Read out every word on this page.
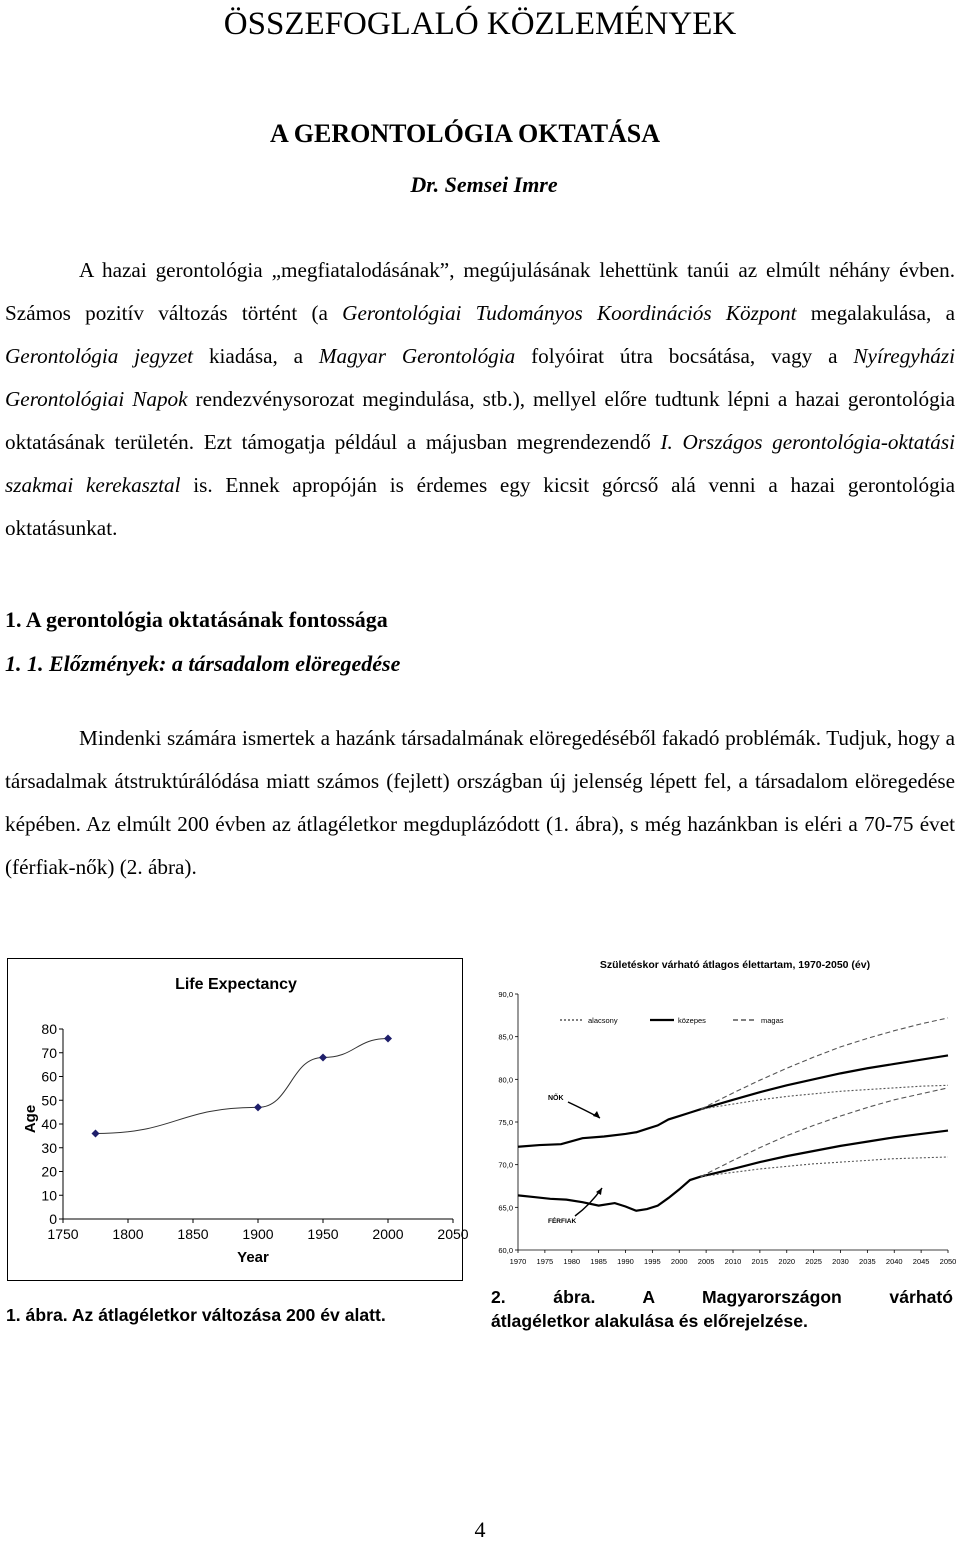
ÖSSZEFOGLALÓ KÖZLEMÉNYEK
A GERONTOLÓGIA OKTATÁSA
Dr. Semsei Imre

A hazai gerontológia „megfiatalodásának”, megújulásának lehettünk tanúi az elmúlt néhány évben. Számos pozitív változás történt (a Gerontológiai Tudományos Koordinációs Központ megalakulása, a Gerontológia jegyzet kiadása, a Magyar Gerontológia folyóirat útra bocsátása, vagy a Nyíregyházi Gerontológiai Napok rendezvénysorozat megindulása, stb.), mellyel előre tudtunk lépni a hazai gerontológia oktatásának területén. Ezt támogatja például a májusban megrendezendő I. Országos gerontológia-oktatási szakmai kerekasztal is. Ennek apropóján is érdemes egy kicsit górcső alá venni a hazai gerontológia oktatásunkat.

1. A gerontológia oktatásának fontossága
1. 1. Előzmények: a társadalom elöregedése

Mindenki számára ismertek a hazánk társadalmának elöregedéséből fakadó problémák. Tudjuk, hogy a társadalmak átstruktúrálódása miatt számos (fejlett) országban új jelenség lépett fel, a társadalom elöregedése képében. Az elmúlt 200 évben az átlagéletkor megduplázódott (1. ábra), s még hazánkban is eléri a 70-75 évet (férfiak-nők) (2. ábra).

Life Expectancy
0
10
20
30
40
50
60
70
80
1750 1800 1850 1900 1950 2000 2050
Year
Age
Születéskor várható átlagos élettartam, 1970-2050 (év)
60,0
65,0
70,0
75,0
80,0
85,0
90,0
1970 1975 1980 1985 1990 1995 2000 2005 2010 2015 2020 2025 2030 2035 2040 2045 2050
alacsony	közepes	magas
NŐK
FÉRFIAK
1. ábra. Az átlagéletkor változása 200 év alatt.
2. ábra. A Magyarországon várható
átlagéletkor alakulása és előrejelzése.
4
